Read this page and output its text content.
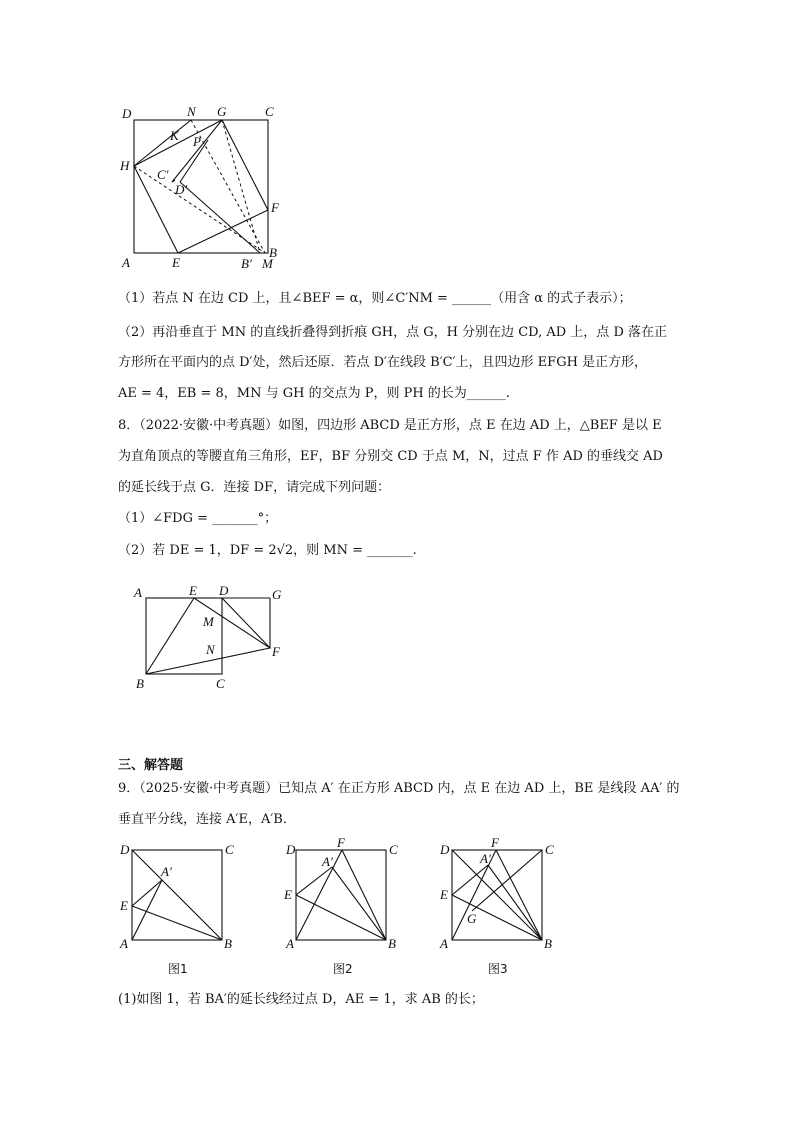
D	N G	C
K P
H
C′
D′
F
A	E	B′
B
M
（1）若点 N 在边 CD 上，且∠BEF = α，则∠C′NM = ______（用含 α 的式子表示）；
（2）再沿垂直于 MN 的直线折叠得到折痕 GH，点 G，H 分别在边 CD, AD 上，点 D 落在正
方形所在平面内的点 D′处，然后还原．若点 D′在线段 B′C′上，且四边形 EFGH 是正方形，
AE = 4，EB = 8，MN 与 GH 的交点为 P，则 PH 的长为______.
8．（2022·安徽·中考真题）如图，四边形 ABCD 是正方形，点 E 在边 AD 上，△BEF 是以 E
为直角顶点的等腰直角三角形，EF，BF 分别交 CD 于点 M，N，过点 F 作 AD 的垂线交 AD
的延长线于点 G．连接 DF，请完成下列问题：
（1）∠FDG = _______°；
（2）若 DE = 1，DF = 2√2，则 MN = _______.
A	E D	G
M
N	F
B	C
三、解答题
9．（2025·安徽·中考真题）已知点 A′ 在正方形 ABCD 内，点 E 在边 AD 上，BE 是线段 AA′ 的
垂直平分线，连接 A′E，A′B．
D	C
A′
E
A	B
图1
D	F	C
A′
E
A	B
图2
D	F	C
A′
E
G
A	B
图3
(1)如图 1，若 BA′的延长线经过点 D，AE = 1，求 AB 的长；
